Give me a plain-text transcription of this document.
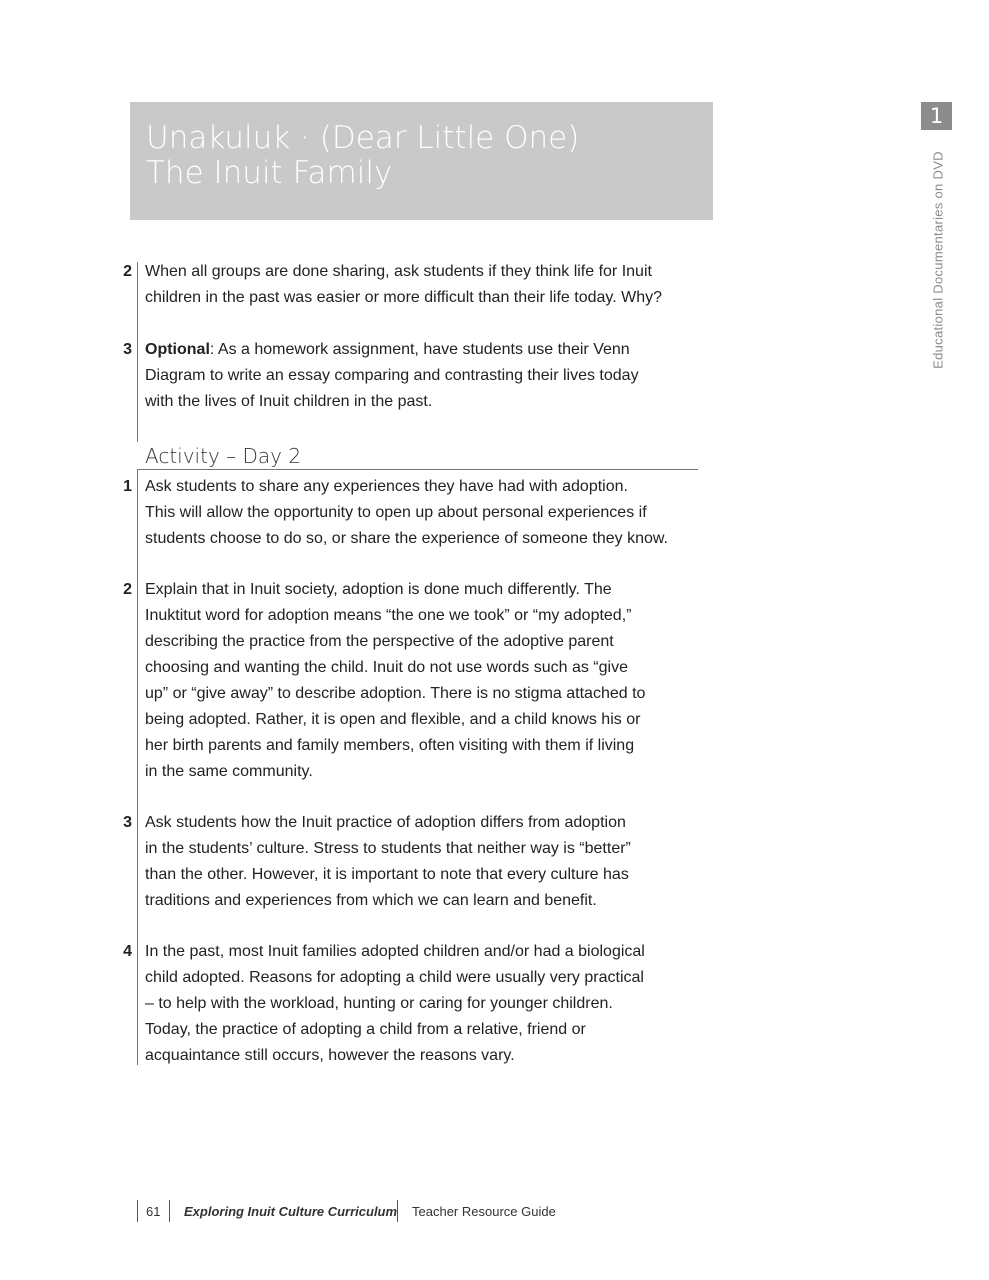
Unakuluk · (Dear Little One)
The Inuit Family
1
Educational Documentaries on DVD
2 When all groups are done sharing, ask students if they think life for Inuit
children in the past was easier or more difficult than their life today. Why?
3 Optional: As a homework assignment, have students use their Venn
Diagram to write an essay comparing and contrasting their lives today
with the lives of Inuit children in the past.
Activity – Day 2
1 Ask students to share any experiences they have had with adoption.
This will allow the opportunity to open up about personal experiences if
students choose to do so, or share the experience of someone they know.
2 Explain that in Inuit society, adoption is done much differently. The
Inuktitut word for adoption means “the one we took” or “my adopted,”
describing the practice from the perspective of the adoptive parent
choosing and wanting the child. Inuit do not use words such as “give
up” or “give away” to describe adoption. There is no stigma attached to
being adopted. Rather, it is open and flexible, and a child knows his or
her birth parents and family members, often visiting with them if living
in the same community.
3 Ask students how the Inuit practice of adoption differs from adoption
in the students’ culture. Stress to students that neither way is “better”
than the other. However, it is important to note that every culture has
traditions and experiences from which we can learn and benefit.
4 In the past, most Inuit families adopted children and/or had a biological
child adopted. Reasons for adopting a child were usually very practical
– to help with the workload, hunting or caring for younger children.
Today, the practice of adopting a child from a relative, friend or
acquaintance still occurs, however the reasons vary.
61 Exploring Inuit Culture Curriculum Teacher Resource Guide
